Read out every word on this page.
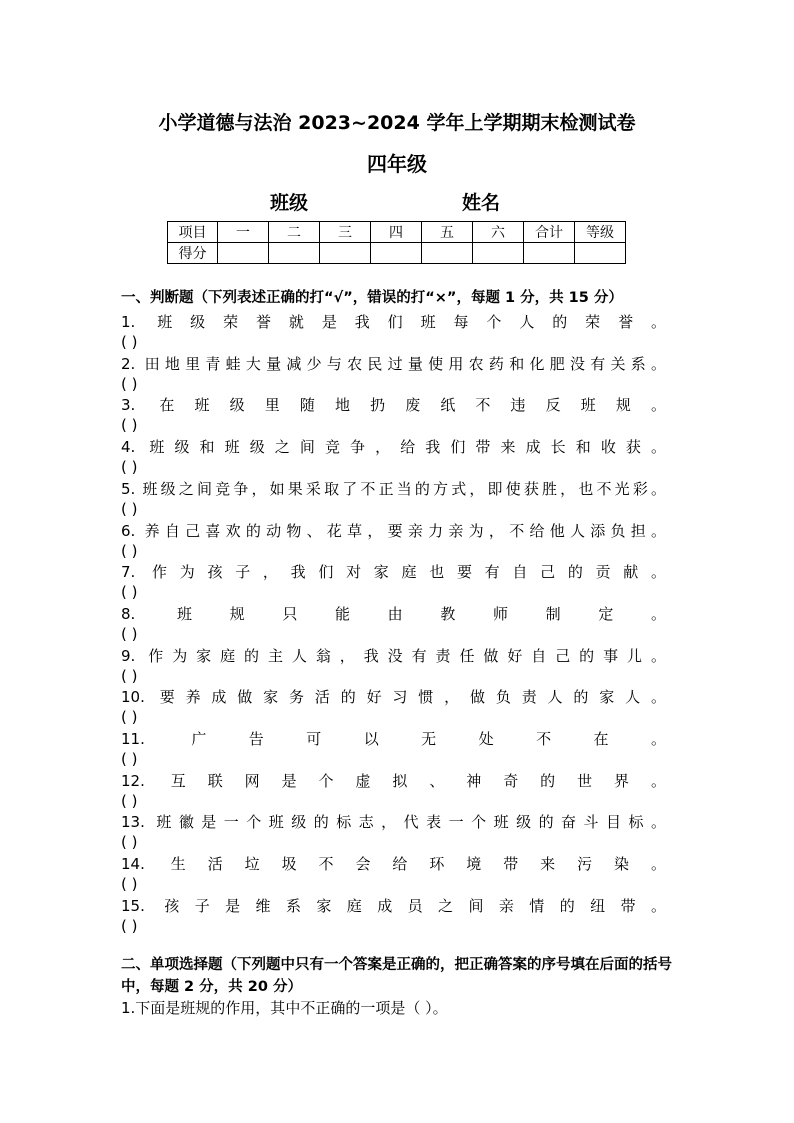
小学道德与法治 2023~2024 学年上学期期末检测试卷
四年级
班级	姓名
项目	一	二	三	四	五	六	合计	等级
得分								
一、判断题（下列表述正确的打“√”，错误的打“×”，每题 1 分，共 15 分）
1. 班级荣誉就是我们班每个人的荣誉。
( )
2. 田地里青蛙大量减少与农民过量使用农药和化肥没有关系。
( )
3. 在班级里随地扔废纸不违反班规。
( )
4. 班级和班级之间竞争，给我们带来成长和收获。
( )
5. 班级之间竞争，如果采取了不正当的方式，即使获胜，也不光彩。
( )
6. 养自己喜欢的动物、花草，要亲力亲为，不给他人添负担。
( )
7. 作为孩子，我们对家庭也要有自己的贡献。
( )
8. 班规只能由教师制定。
( )
9. 作为家庭的主人翁，我没有责任做好自己的事儿。
( )
10. 要养成做家务活的好习惯，做负责人的家人。
( )
11. 广告可以无处不在。
( )
12. 互联网是个虚拟、神奇的世界。
( )
13. 班徽是一个班级的标志，代表一个班级的奋斗目标。
( )
14. 生活垃圾不会给环境带来污染。
( )
15. 孩子是维系家庭成员之间亲情的纽带。
( )
二、单项选择题（下列题中只有一个答案是正确的，把正确答案的序号填在后面的括号中，每题 2 分，共 20 分）
1.下面是班规的作用，其中不正确的一项是（ ）。
